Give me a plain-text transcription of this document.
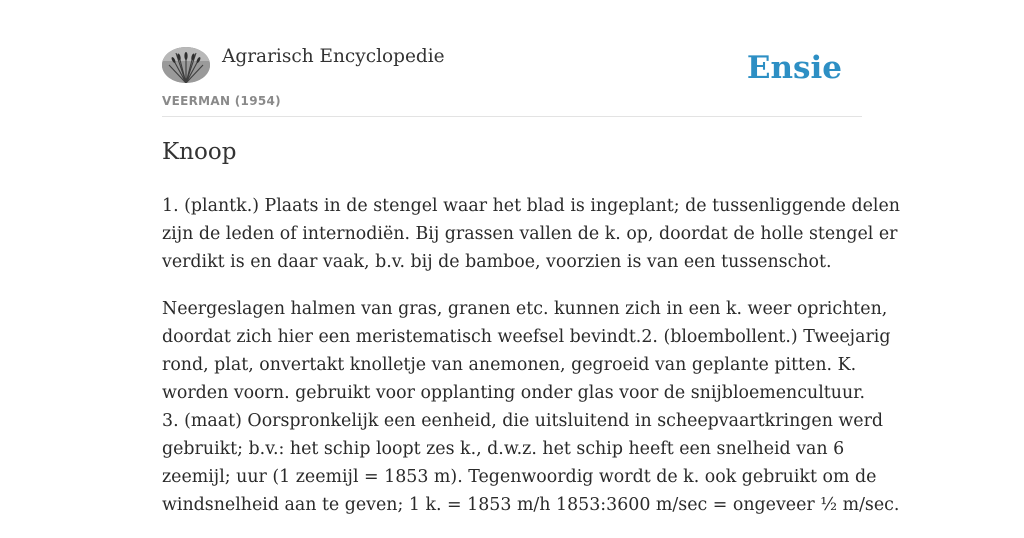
Agrarisch Encyclopedie
VEERMAN (1954)
Ensie
Knoop

1. (plantk.) Plaats in de stengel waar het blad is ingeplant; de tussenliggende delen
zijn de leden of internodiën. Bij grassen vallen de k. op, doordat de holle stengel er
verdikt is en daar vaak, b.v. bij de bamboe, voorzien is van een tussenschot.

Neergeslagen halmen van gras, granen etc. kunnen zich in een k. weer oprichten,
doordat zich hier een meristematisch weefsel bevindt.2. (bloembollent.) Tweejarig
rond, plat, onvertakt knolletje van anemonen, gegroeid van geplante pitten. K.
worden voorn. gebruikt voor opplanting onder glas voor de snijbloemencultuur.
3. (maat) Oorspronkelijk een eenheid, die uitsluitend in scheepvaartkringen werd
gebruikt; b.v.: het schip loopt zes k., d.w.z. het schip heeft een snelheid van 6
zeemijl; uur (1 zeemijl = 1853 m). Tegenwoordig wordt de k. ook gebruikt om de
windsnelheid aan te geven; 1 k. = 1853 m/h 1853:3600 m/sec = ongeveer ½ m/sec.
